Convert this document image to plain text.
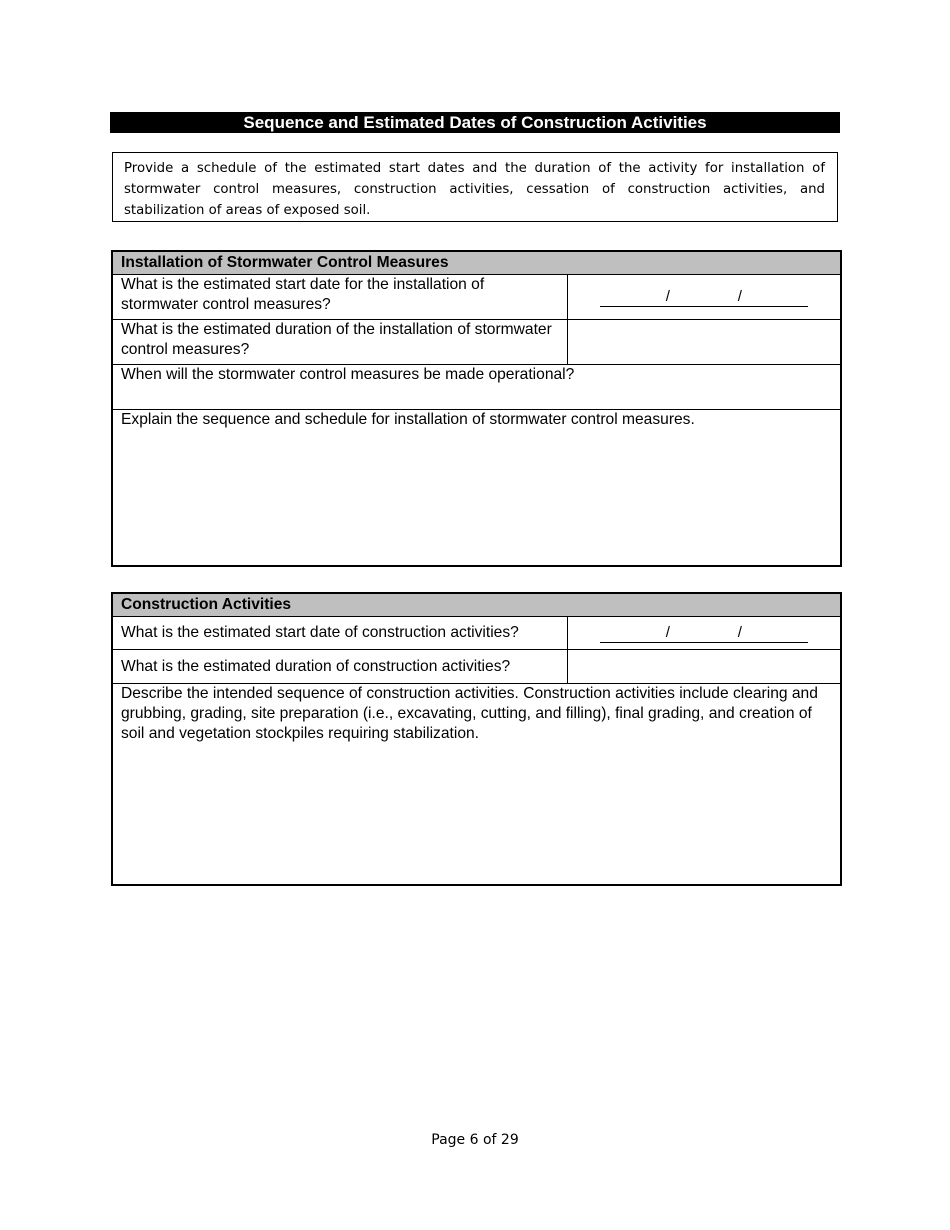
Sequence and Estimated Dates of Construction Activities
Provide a schedule of the estimated start dates and the duration of the activity for installation of stormwater control measures, construction activities, cessation of construction activities, and stabilization of areas of exposed soil.
Installation of Stormwater Control Measures	
What is the estimated start date for the installation of stormwater control measures?	/ /

What is the estimated duration of the installation of stormwater control measures?	
When will the stormwater control measures be made operational?	
Explain the sequence and schedule for installation of stormwater control measures.	
Construction Activities	
What is the estimated start date of construction activities?	/ /

What is the estimated duration of construction activities?	
Describe the intended sequence of construction activities. Construction activities include clearing and grubbing, grading, site preparation (i.e., excavating, cutting, and filling), final grading, and creation of soil and vegetation stockpiles requiring stabilization.	
Page 6 of 29
